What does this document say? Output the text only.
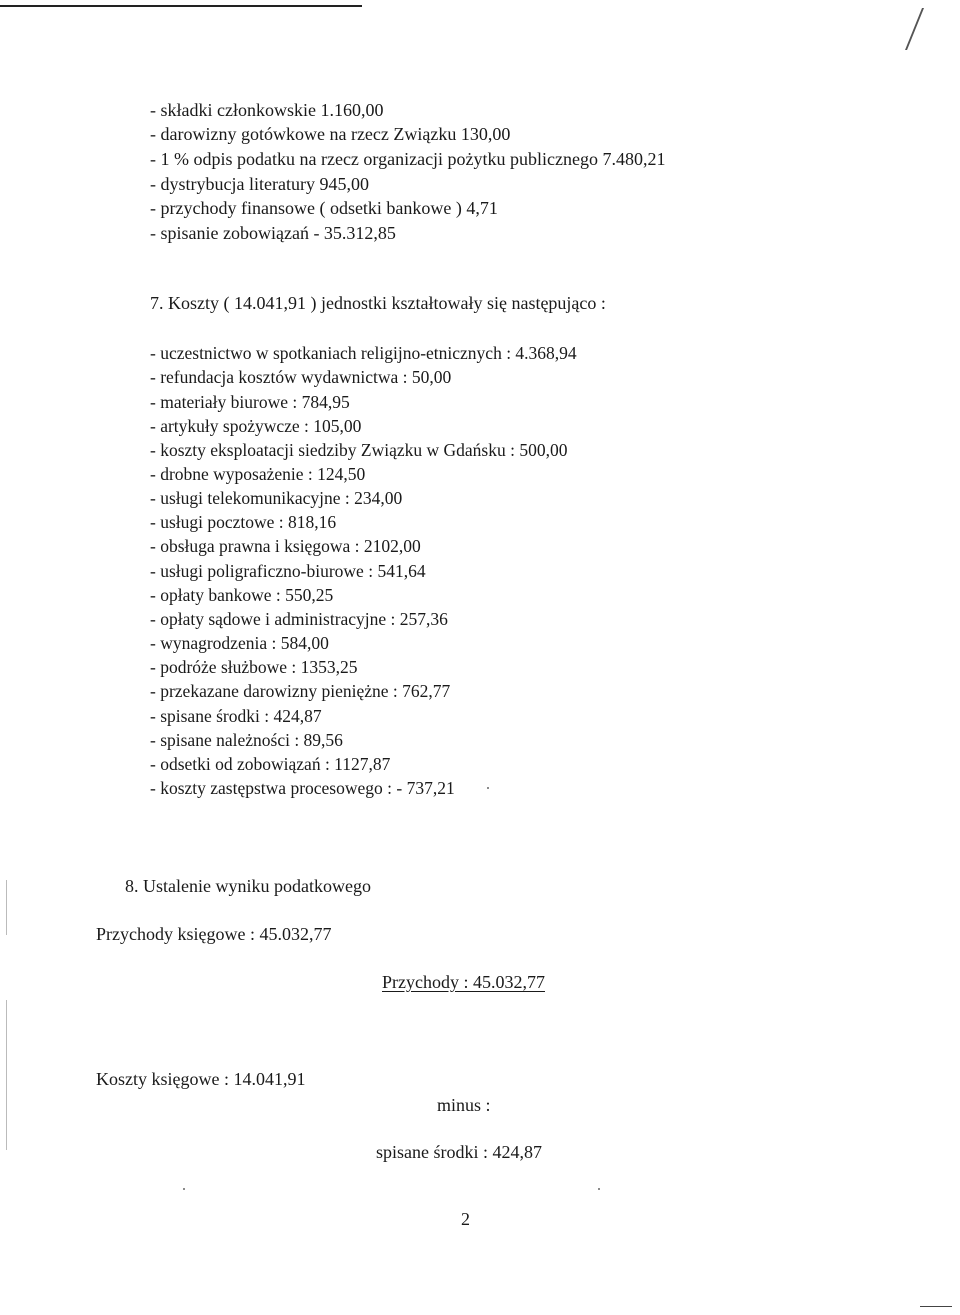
- składki członkowskie 1.160,00
- darowizny gotówkowe na rzecz Związku 130,00
- 1 % odpis podatku na rzecz organizacji pożytku publicznego 7.480,21
- dystrybucja literatury 945,00
- przychody finansowe ( odsetki bankowe ) 4,71
- spisanie zobowiązań - 35.312,85
7. Koszty ( 14.041,91 ) jednostki kształtowały się następująco :
- uczestnictwo w spotkaniach religijno-etnicznych : 4.368,94
- refundacja kosztów wydawnictwa : 50,00
- materiały biurowe : 784,95
- artykuły spożywcze : 105,00
- koszty eksploatacji siedziby Związku w Gdańsku : 500,00
- drobne wyposażenie : 124,50
- usługi telekomunikacyjne : 234,00
- usługi pocztowe : 818,16
- obsługa prawna i księgowa : 2102,00
- usługi poligraficzno-biurowe : 541,64
- opłaty bankowe : 550,25
- opłaty sądowe i administracyjne : 257,36
- wynagrodzenia : 584,00
- podróże służbowe : 1353,25
- przekazane darowizny pieniężne : 762,77
- spisane środki : 424,87
- spisane należności : 89,56
- odsetki od zobowiązań : 1127,87
- koszty zastępstwa procesowego : - 737,21
8. Ustalenie wyniku podatkowego
Przychody księgowe : 45.032,77
Przychody : 45.032,77
Koszty księgowe : 14.041,91
minus :
spisane środki : 424,87
2
